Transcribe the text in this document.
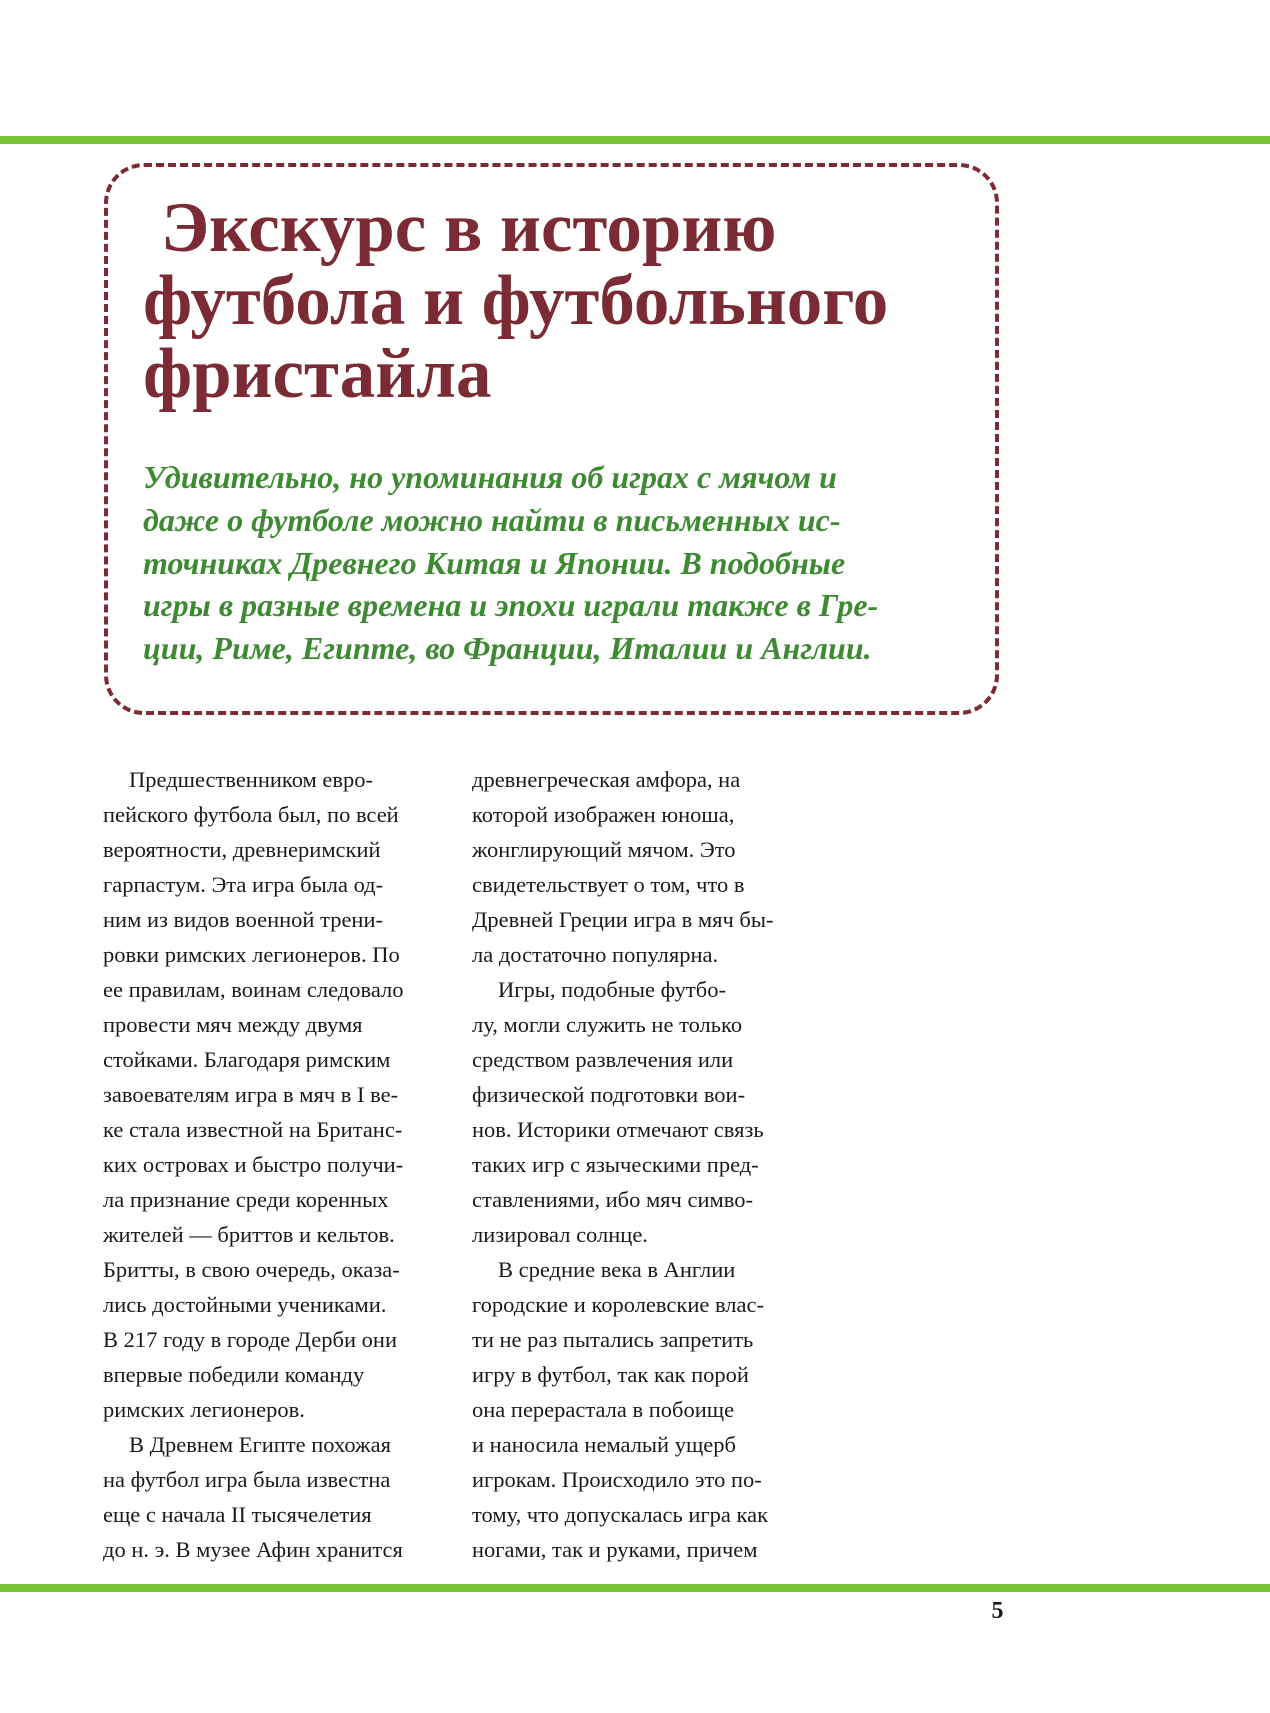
Экскурс в историю
футбола и футбольного
фристайла

Удивительно, но упоминания об играх с мячом и
даже о футболе можно найти в письменных ис-
точниках Древнего Китая и Японии. В подобные
игры в разные времена и эпохи играли также в Гре-
ции, Риме, Египте, во Франции, Италии и Англии.

Предшественником евро-
пейского футбола был, по всей
вероятности, древнеримский
гарпастум. Эта игра была од-
ним из видов военной трени-
ровки римских легионеров. По
ее правилам, воинам следовало
провести мяч между двумя
стойками. Благодаря римским
завоевателям игра в мяч в I ве-
ке стала известной на Британс-
ких островах и быстро получи-
ла признание среди коренных
жителей — бриттов и кельтов.
Бритты, в свою очередь, оказа-
лись достойными учениками.
В 217 году в городе Дерби они
впервые победили команду
римских легионеров.
В Древнем Египте похожая
на футбол игра была известна
еще с начала II тысячелетия
до н. э. В музее Афин хранится
древнегреческая амфора, на
которой изображен юноша,
жонглирующий мячом. Это
свидетельствует о том, что в
Древней Греции игра в мяч бы-
ла достаточно популярна.
Игры, подобные футбо-
лу, могли служить не только
средством развлечения или
физической подготовки вои-
нов. Историки отмечают связь
таких игр с языческими пред-
ставлениями, ибо мяч симво-
лизировал солнце.
В средние века в Англии
городские и королевские влас-
ти не раз пытались запретить
игру в футбол, так как порой
она перерастала в побоище
и наносила немалый ущерб
игрокам. Происходило это по-
тому, что допускалась игра как
ногами, так и руками, причем
5
